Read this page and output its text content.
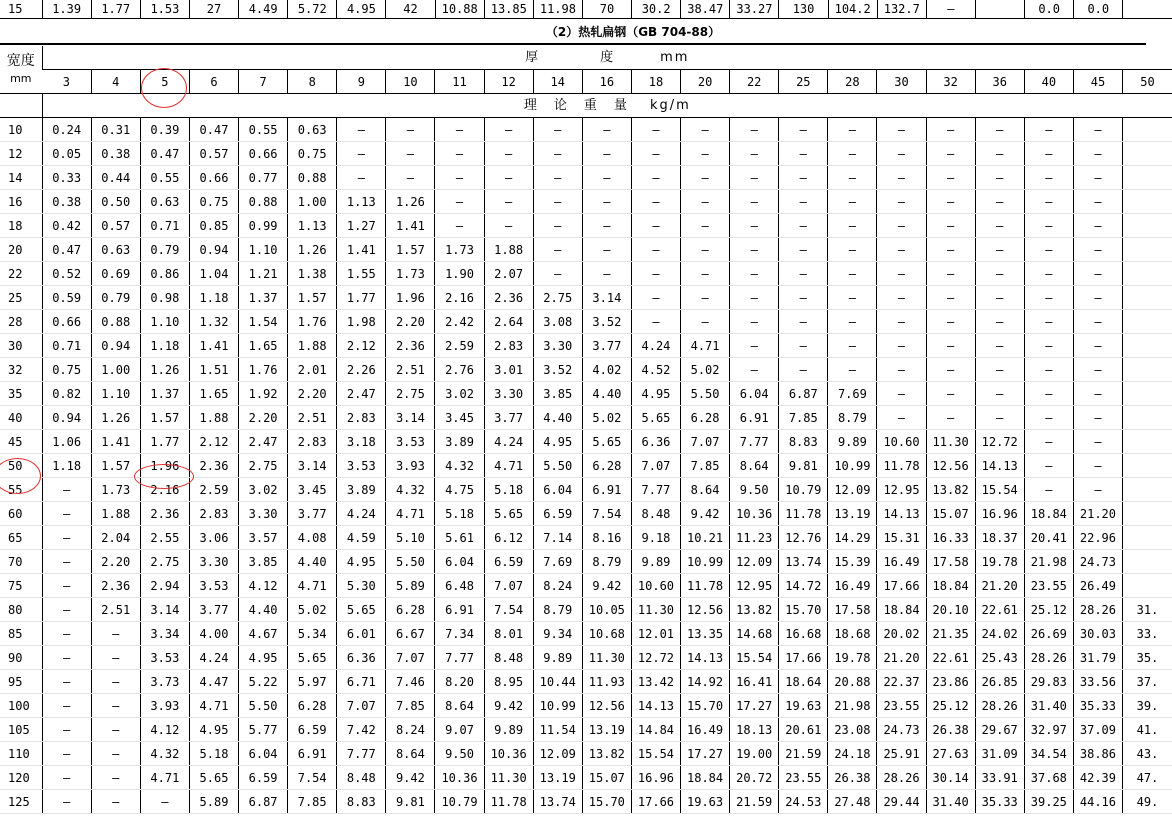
15	1.39	1.77	1.53	27	4.49	5.72	4.95	42	10.88	13.85	11.98	70	30.2	38.47	33.27	130	104.2	132.7	—		0.0	0.0	
（2）热轧扁钢（GB 704-88）
宽度
mm	厚　　　　度　　　mm																						
	3	4	5	6	7	8	9	10	11	12	14	16	18	20	22	25	28	30	32	36	40	45	50
	理　论　重　量　 kg/m																						
10	0.24	0.31	0.39	0.47	0.55	0.63	—	—	—	—	—	—	—	—	—	—	—	—	—	—	—	—	
12	0.05	0.38	0.47	0.57	0.66	0.75	—	—	—	—	—	—	—	—	—	—	—	—	—	—	—	—	
14	0.33	0.44	0.55	0.66	0.77	0.88	—	—	—	—	—	—	—	—	—	—	—	—	—	—	—	—	
16	0.38	0.50	0.63	0.75	0.88	1.00	1.13	1.26	—	—	—	—	—	—	—	—	—	—	—	—	—	—	
18	0.42	0.57	0.71	0.85	0.99	1.13	1.27	1.41	—	—	—	—	—	—	—	—	—	—	—	—	—	—	
20	0.47	0.63	0.79	0.94	1.10	1.26	1.41	1.57	1.73	1.88	—	—	—	—	—	—	—	—	—	—	—	—	
22	0.52	0.69	0.86	1.04	1.21	1.38	1.55	1.73	1.90	2.07	—	—	—	—	—	—	—	—	—	—	—	—	
25	0.59	0.79	0.98	1.18	1.37	1.57	1.77	1.96	2.16	2.36	2.75	3.14	—	—	—	—	—	—	—	—	—	—	
28	0.66	0.88	1.10	1.32	1.54	1.76	1.98	2.20	2.42	2.64	3.08	3.52	—	—	—	—	—	—	—	—	—	—	
30	0.71	0.94	1.18	1.41	1.65	1.88	2.12	2.36	2.59	2.83	3.30	3.77	4.24	4.71	—	—	—	—	—	—	—	—	
32	0.75	1.00	1.26	1.51	1.76	2.01	2.26	2.51	2.76	3.01	3.52	4.02	4.52	5.02	—	—	—	—	—	—	—	—	
35	0.82	1.10	1.37	1.65	1.92	2.20	2.47	2.75	3.02	3.30	3.85	4.40	4.95	5.50	6.04	6.87	7.69	—	—	—	—	—	
40	0.94	1.26	1.57	1.88	2.20	2.51	2.83	3.14	3.45	3.77	4.40	5.02	5.65	6.28	6.91	7.85	8.79	—	—	—	—	—	
45	1.06	1.41	1.77	2.12	2.47	2.83	3.18	3.53	3.89	4.24	4.95	5.65	6.36	7.07	7.77	8.83	9.89	10.60	11.30	12.72	—	—	
50	1.18	1.57	1.96	2.36	2.75	3.14	3.53	3.93	4.32	4.71	5.50	6.28	7.07	7.85	8.64	9.81	10.99	11.78	12.56	14.13	—	—	
55	—	1.73	2.16	2.59	3.02	3.45	3.89	4.32	4.75	5.18	6.04	6.91	7.77	8.64	9.50	10.79	12.09	12.95	13.82	15.54	—	—	
60	—	1.88	2.36	2.83	3.30	3.77	4.24	4.71	5.18	5.65	6.59	7.54	8.48	9.42	10.36	11.78	13.19	14.13	15.07	16.96	18.84	21.20	
65	—	2.04	2.55	3.06	3.57	4.08	4.59	5.10	5.61	6.12	7.14	8.16	9.18	10.21	11.23	12.76	14.29	15.31	16.33	18.37	20.41	22.96	
70	—	2.20	2.75	3.30	3.85	4.40	4.95	5.50	6.04	6.59	7.69	8.79	9.89	10.99	12.09	13.74	15.39	16.49	17.58	19.78	21.98	24.73	
75	—	2.36	2.94	3.53	4.12	4.71	5.30	5.89	6.48	7.07	8.24	9.42	10.60	11.78	12.95	14.72	16.49	17.66	18.84	21.20	23.55	26.49	
80	—	2.51	3.14	3.77	4.40	5.02	5.65	6.28	6.91	7.54	8.79	10.05	11.30	12.56	13.82	15.70	17.58	18.84	20.10	22.61	25.12	28.26	31.
85	—	—	3.34	4.00	4.67	5.34	6.01	6.67	7.34	8.01	9.34	10.68	12.01	13.35	14.68	16.68	18.68	20.02	21.35	24.02	26.69	30.03	33.
90	—	—	3.53	4.24	4.95	5.65	6.36	7.07	7.77	8.48	9.89	11.30	12.72	14.13	15.54	17.66	19.78	21.20	22.61	25.43	28.26	31.79	35.
95	—	—	3.73	4.47	5.22	5.97	6.71	7.46	8.20	8.95	10.44	11.93	13.42	14.92	16.41	18.64	20.88	22.37	23.86	26.85	29.83	33.56	37.
100	—	—	3.93	4.71	5.50	6.28	7.07	7.85	8.64	9.42	10.99	12.56	14.13	15.70	17.27	19.63	21.98	23.55	25.12	28.26	31.40	35.33	39.
105	—	—	4.12	4.95	5.77	6.59	7.42	8.24	9.07	9.89	11.54	13.19	14.84	16.49	18.13	20.61	23.08	24.73	26.38	29.67	32.97	37.09	41.
110	—	—	4.32	5.18	6.04	6.91	7.77	8.64	9.50	10.36	12.09	13.82	15.54	17.27	19.00	21.59	24.18	25.91	27.63	31.09	34.54	38.86	43.
120	—	—	4.71	5.65	6.59	7.54	8.48	9.42	10.36	11.30	13.19	15.07	16.96	18.84	20.72	23.55	26.38	28.26	30.14	33.91	37.68	42.39	47.
125	—	—	—	5.89	6.87	7.85	8.83	9.81	10.79	11.78	13.74	15.70	17.66	19.63	21.59	24.53	27.48	29.44	31.40	35.33	39.25	44.16	49.
